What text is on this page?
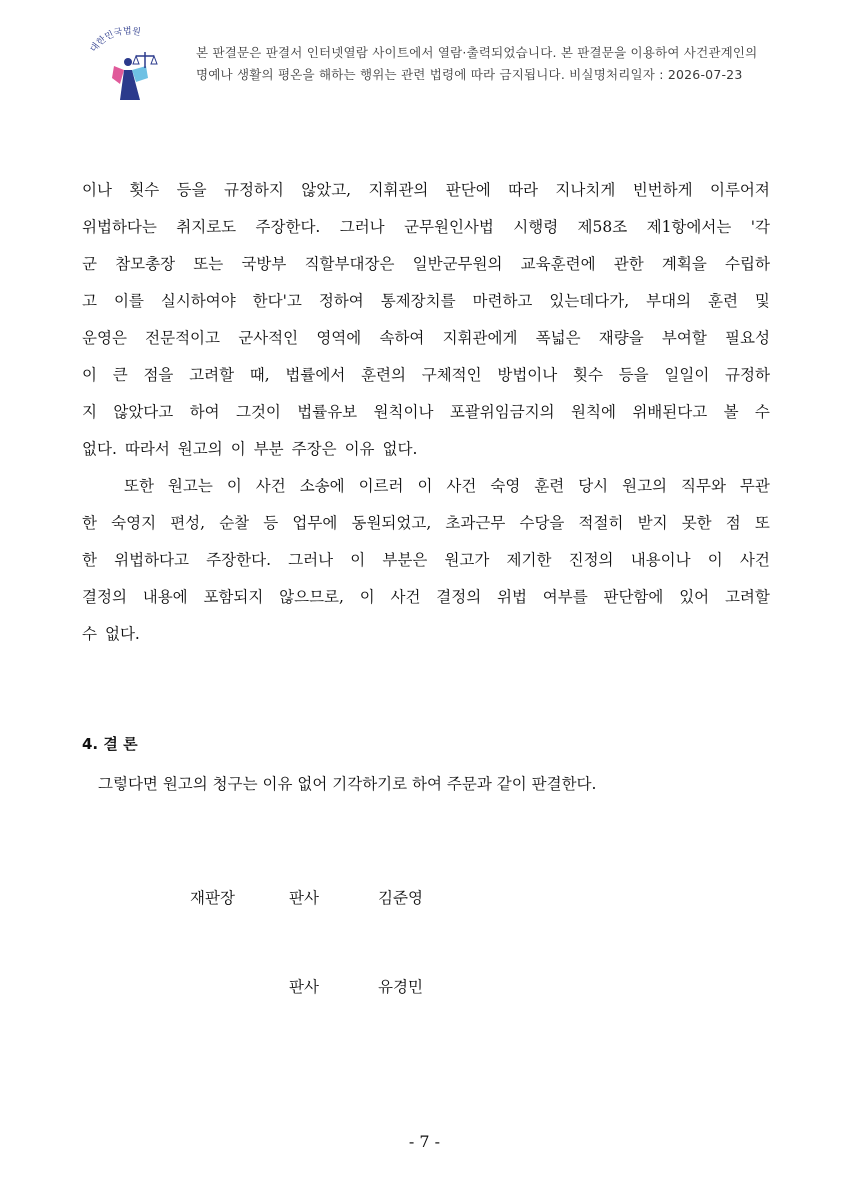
대한민국법원
본 판결문은 판결서 인터넷열람 사이트에서 열람·출력되었습니다. 본 판결문을 이용하여 사건관계인의
명예나 생활의 평온을 해하는 행위는 관련 법령에 따라 금지됩니다. 비실명처리일자 : 2026-07-23
이나 횟수 등을 규정하지 않았고, 지휘관의 판단에 따라 지나치게 빈번하게 이루어져
위법하다는 취지로도 주장한다. 그러나 군무원인사법 시행령 제58조 제1항에서는 '각
군 참모총장 또는 국방부 직할부대장은 일반군무원의 교육훈련에 관한 계획을 수립하
고 이를 실시하여야 한다'고 정하여 통제장치를 마련하고 있는데다가, 부대의 훈련 및
운영은 전문적이고 군사적인 영역에 속하여 지휘관에게 폭넓은 재량을 부여할 필요성
이 큰 점을 고려할 때, 법률에서 훈련의 구체적인 방법이나 횟수 등을 일일이 규정하
지 않았다고 하여 그것이 법률유보 원칙이나 포괄위임금지의 원칙에 위배된다고 볼 수
없다. 따라서 원고의 이 부분 주장은 이유 없다.
또한 원고는 이 사건 소송에 이르러 이 사건 숙영 훈련 당시 원고의 직무와 무관
한 숙영지 편성, 순찰 등 업무에 동원되었고, 초과근무 수당을 적절히 받지 못한 점 또
한 위법하다고 주장한다. 그러나 이 부분은 원고가 제기한 진정의 내용이나 이 사건
결정의 내용에 포함되지 않으므로, 이 사건 결정의 위법 여부를 판단함에 있어 고려할
수 없다.
4. 결 론
그렇다면 원고의 청구는 이유 없어 기각하기로 하여 주문과 같이 판결한다.
재판장	판사	김준영
판사	유경민
- 7 -
